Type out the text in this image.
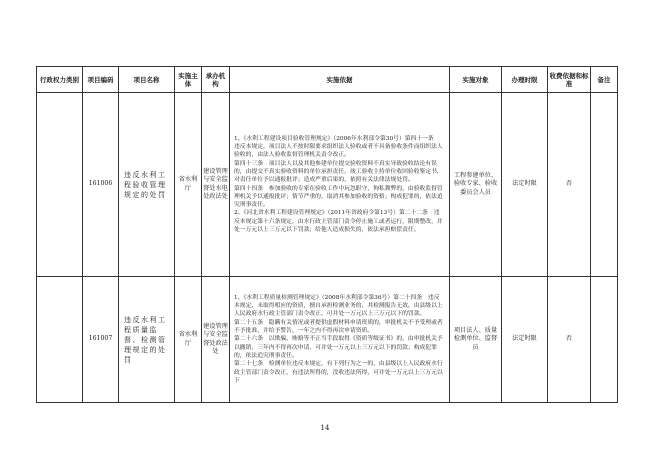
行政权力类别	项目编码	项目名称	实施主体	承办机构	实施依据	实施对象	办理时限	收费依据和标准	备注
	161006	违反水利工程验收管理规定的处罚	省水利厅	建设管理与安全监督处水电处政法处	1、《水利工程建设项目验收管理规定》（2006年水利部令第30号）第四十一条　违反本规定，项目法人不按时限要求组织法人验收或者不具备验收条件而组织法人验收的，由法人验收监督管理机关责令改正。

第四十三条　项目法人以及其他参建单位提交验收资料不真实导致验收结论有误的，由提交不真实验收资料的单位承担责任，竣工验收主持单位收回验收鉴定书，对责任单位予以通报批评；造成严重后果的，依照有关法律法规处罚。

第四十四条　参加验收的专家在验收工作中玩忽职守、徇私舞弊的，由验收监督管理机关予以通报批评；情节严重的，取消其参加验收的资格；构成犯罪的，依法追究刑事责任。

2、《河北省水利工程建设管理规定》（2011年省政府令第13号）第二十二条　违反本规定第十六条规定，由水行政主管部门责令停止施工或者运行，限期整改，并处一万元以上三万元以下罚款；给他人造成损失的，依法承担赔偿责任。	工程参建单位、验收专家、验收委员会人员	法定时限	否	
	161007	违反水利工程质量监督、检测管理规定的处罚	省水利厅	建设管理与安全监督处政法处	1、《水利工程质量检测管理规定》（2008年水利部令第36号）第二十四条　违反本规定，未取得相应的资质，擅自承担检测业务的，其检测报告无效，由县级以上人民政府水行政主管部门责令改正，可并处一万元以上三万元以下的罚款。

第二十五条　隐瞒有关情况或者提供虚假材料申请资质的，审批机关不予受理或者不予批准，并给予警告，一年之内不得再次申请资质。

第二十六条　以欺骗、贿赂等不正当手段取得《资质等级证书》的，由审批机关予以撤销，三年内不得再次申请，可并处一万元以上三万元以下的罚款；构成犯罪的，依法追究刑事责任。

第二十七条　检测单位违反本规定，有下列行为之一的，由县级以上人民政府水行政主管部门责令改正，有违法所得的，没收违法所得，可并处一万元以上三万元以下	项目法人、质量检测单位、监督员	法定时限	否	
14
